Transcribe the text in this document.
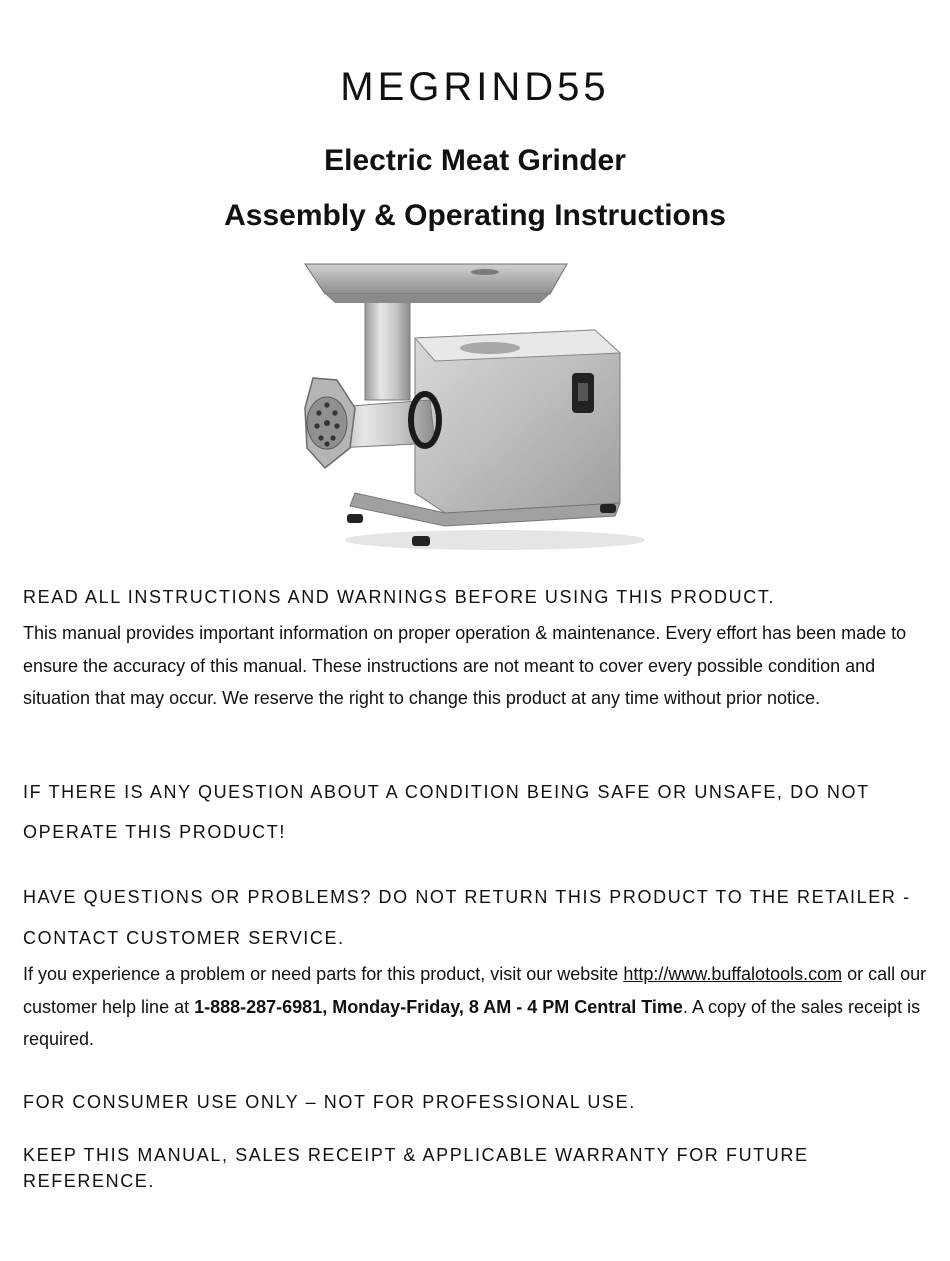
MEGRIND55
Electric Meat Grinder
Assembly & Operating Instructions

READ ALL INSTRUCTIONS AND WARNINGS BEFORE USING THIS PRODUCT.

This manual provides important information on proper operation & maintenance. Every effort has been made to ensure the accuracy of this manual. These instructions are not meant to cover every possible condition and situation that may occur. We reserve the right to change this product at any time without prior notice.

IF THERE IS ANY QUESTION ABOUT A CONDITION BEING SAFE OR UNSAFE, DO NOT OPERATE THIS PRODUCT!

HAVE QUESTIONS OR PROBLEMS? DO NOT RETURN THIS PRODUCT TO THE RETAILER - CONTACT CUSTOMER SERVICE.

If you experience a problem or need parts for this product, visit our website http://www.buffalotools.com or call our customer help line at 1-888-287-6981, Monday-Friday, 8 AM - 4 PM Central Time. A copy of the sales receipt is required.

FOR CONSUMER USE ONLY – NOT FOR PROFESSIONAL USE.

KEEP THIS MANUAL, SALES RECEIPT & APPLICABLE WARRANTY FOR FUTURE REFERENCE.
